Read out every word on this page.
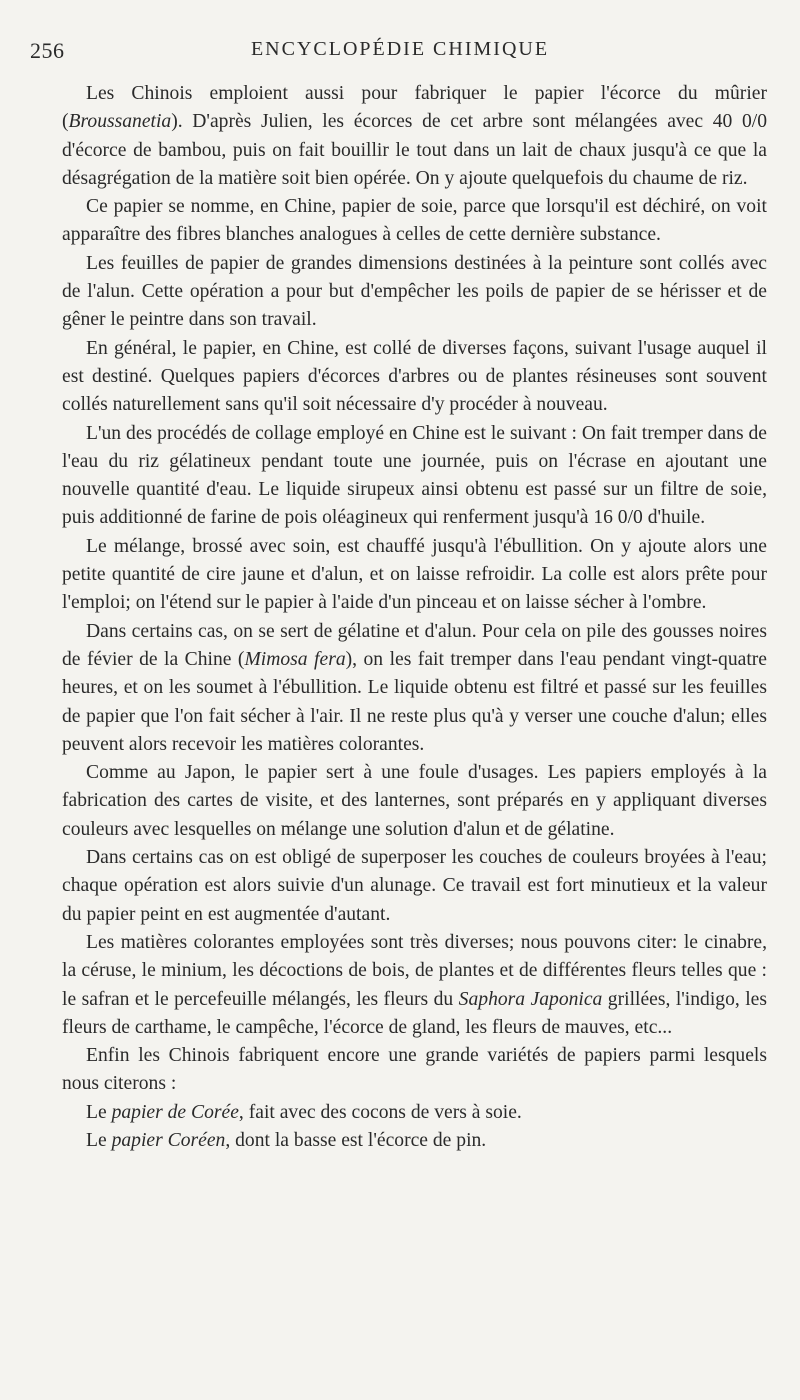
256	ENCYCLOPÉDIE CHIMIQUE

Les Chinois emploient aussi pour fabriquer le papier l'écorce du mûrier (Broussanetia). D'après Julien, les écorces de cet arbre sont mélangées avec 40 0/0 d'écorce de bambou, puis on fait bouillir le tout dans un lait de chaux jusqu'à ce que la désagrégation de la matière soit bien opérée. On y ajoute quelquefois du chaume de riz.

Ce papier se nomme, en Chine, papier de soie, parce que lorsqu'il est déchiré, on voit apparaître des fibres blanches analogues à celles de cette dernière substance.

Les feuilles de papier de grandes dimensions destinées à la peinture sont collés avec de l'alun. Cette opération a pour but d'empêcher les poils de papier de se hérisser et de gêner le peintre dans son travail.

En général, le papier, en Chine, est collé de diverses façons, suivant l'usage auquel il est destiné. Quelques papiers d'écorces d'arbres ou de plantes résineuses sont souvent collés naturellement sans qu'il soit nécessaire d'y procéder à nouveau.

L'un des procédés de collage employé en Chine est le suivant : On fait tremper dans de l'eau du riz gélatineux pendant toute une journée, puis on l'écrase en ajoutant une nouvelle quantité d'eau. Le liquide sirupeux ainsi obtenu est passé sur un filtre de soie, puis additionné de farine de pois oléagineux qui renferment jusqu'à 16 0/0 d'huile.

Le mélange, brossé avec soin, est chauffé jusqu'à l'ébullition. On y ajoute alors une petite quantité de cire jaune et d'alun, et on laisse refroidir. La colle est alors prête pour l'emploi; on l'étend sur le papier à l'aide d'un pinceau et on laisse sécher à l'ombre.

Dans certains cas, on se sert de gélatine et d'alun. Pour cela on pile des gousses noires de févier de la Chine (Mimosa fera), on les fait tremper dans l'eau pendant vingt-quatre heures, et on les soumet à l'ébullition. Le liquide obtenu est filtré et passé sur les feuilles de papier que l'on fait sécher à l'air. Il ne reste plus qu'à y verser une couche d'alun; elles peuvent alors recevoir les matières colorantes.

Comme au Japon, le papier sert à une foule d'usages. Les papiers employés à la fabrication des cartes de visite, et des lanternes, sont préparés en y appliquant diverses couleurs avec lesquelles on mélange une solution d'alun et de gélatine.

Dans certains cas on est obligé de superposer les couches de couleurs broyées à l'eau; chaque opération est alors suivie d'un alunage. Ce travail est fort minutieux et la valeur du papier peint en est augmentée d'autant.

Les matières colorantes employées sont très diverses; nous pouvons citer: le cinabre, la céruse, le minium, les décoctions de bois, de plantes et de différentes fleurs telles que : le safran et le percefeuille mélangés, les fleurs du Saphora Japonica grillées, l'indigo, les fleurs de carthame, le campêche, l'écorce de gland, les fleurs de mauves, etc...

Enfin les Chinois fabriquent encore une grande variétés de papiers parmi lesquels nous citerons :

Le papier de Corée, fait avec des cocons de vers à soie.

Le papier Coréen, dont la basse est l'écorce de pin.
